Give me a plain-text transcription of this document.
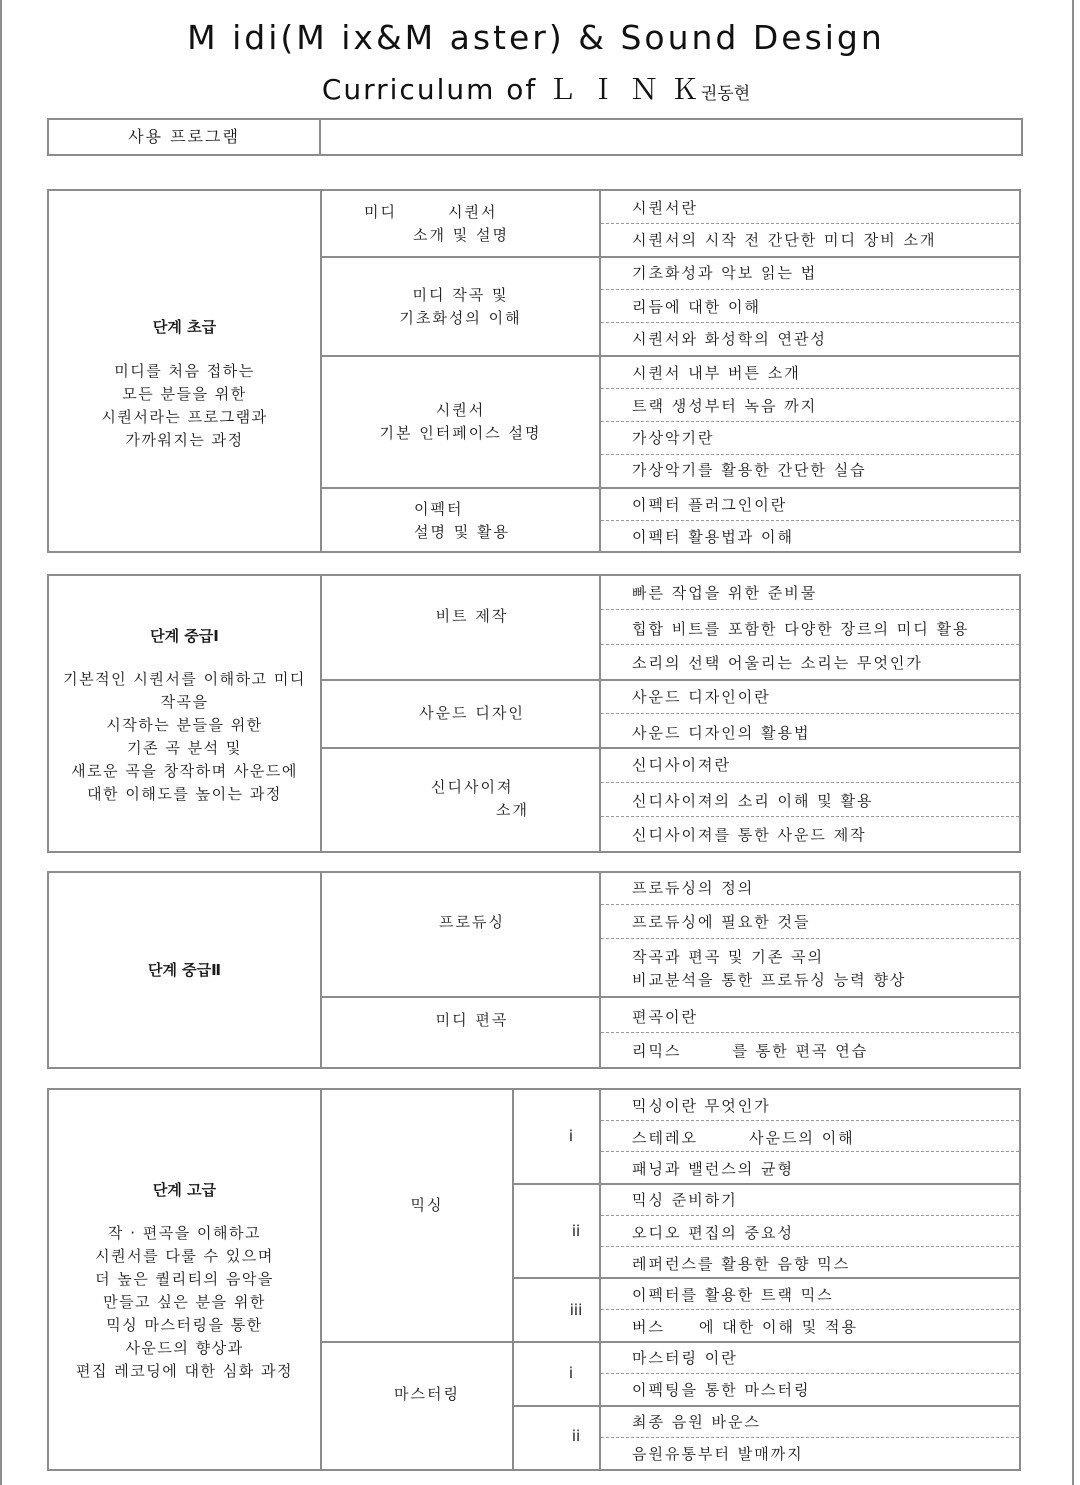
M idi(M ix&M aster) & Sound Design
Curriculum of Ｌ Ｉ Ｎ Ｋ권동현
사용 프로그램
단계 초급
미디를 처음 접하는
모든 분들을 위한
시퀀서라는 프로그램과
가까워지는 과정
미디　　　시퀀서
소개 및 설명
미디 작곡 및
기초화성의 이해
시퀀서
기본 인터페이스 설명
이펙터
설명 및 활용
시퀀서란
시퀀서의 시작 전 간단한 미디 장비 소개
기초화성과 악보 읽는 법
리듬에 대한 이해
시퀀서와 화성학의 연관성
시퀀서 내부 버튼 소개
트랙 생성부터 녹음 까지
가상악기란
가상악기를 활용한 간단한 실습
이펙터 플러그인이란
이펙터 활용법과 이해
단계 중급Ⅰ
기본적인 시퀀서를 이해하고 미디
작곡을
시작하는 분들을 위한
기존 곡 분석 및
새로운 곡을 창작하며 사운드에
대한 이해도를 높이는 과정
비트 제작
사운드 디자인
신디사이져
소개
빠른 작업을 위한 준비물
힙합 비트를 포함한 다양한 장르의 미디 활용
소리의 선택 어울리는 소리는 무엇인가
사운드 디자인이란
사운드 디자인의 활용법
신디사이져란
신디사이져의 소리 이해 및 활용
신디사이져를 통한 사운드 제작
단계 중급Ⅱ
프로듀싱
미디 편곡
프로듀싱의 정의
프로듀싱에 필요한 것들
작곡과 편곡 및 기존 곡의
비교분석을 통한 프로듀싱 능력 향상
편곡이란
리믹스　　　를 통한 편곡 연습
단계 고급
작 · 편곡을 이해하고
시퀀서를 다룰 수 있으며
더 높은 퀄리티의 음악을
만들고 싶은 분을 위한
믹싱 마스터링을 통한
사운드의 향상과
편집 레코딩에 대한 심화 과정
믹싱
마스터링
i
ii
iii
i
ii
믹싱이란 무엇인가
스테레오　　　사운드의 이해
패닝과 밸런스의 균형
믹싱 준비하기
오디오 편집의 중요성
레퍼런스를 활용한 음향 믹스
이펙터를 활용한 트랙 믹스
버스　　에 대한 이해 및 적용
마스터링 이란
이펙팅을 통한 마스터링
최종 음원 바운스
음원유통부터 발매까지
